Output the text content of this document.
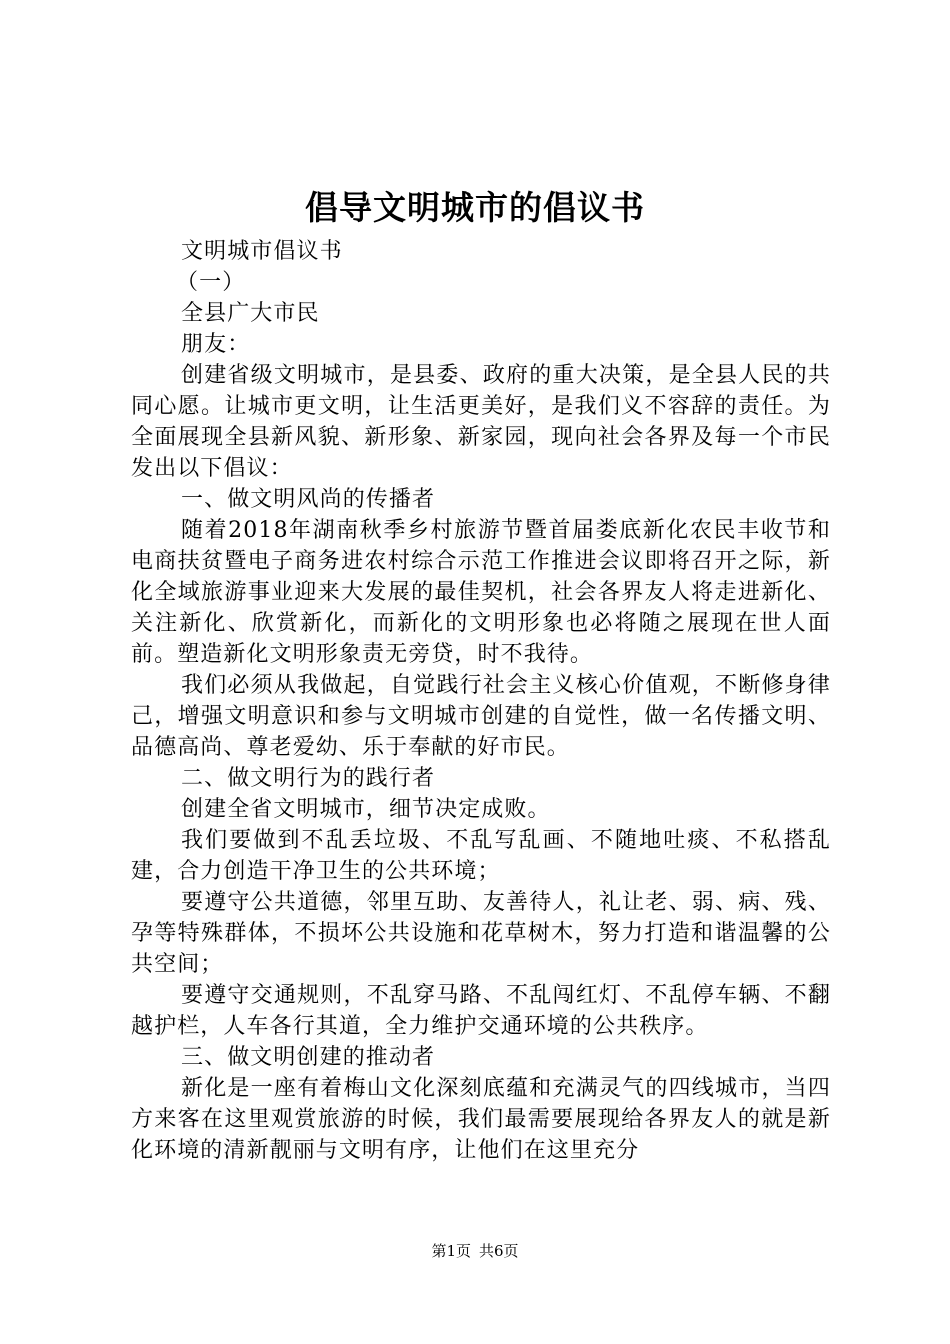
倡导文明城市的倡议书

文明城市倡议书

（一）

全县广大市民

朋友：

创建省级文明城市，是县委、政府的重大决策，是全县人民的共同心愿。让城市更文明，让生活更美好，是我们义不容辞的责任。为全面展现全县新风貌、新形象、新家园，现向社会各界及每一个市民发出以下倡议：

一、做文明风尚的传播者

随着2018年湖南秋季乡村旅游节暨首届娄底新化农民丰收节和电商扶贫暨电子商务进农村综合示范工作推进会议即将召开之际，新化全域旅游事业迎来大发展的最佳契机，社会各界友人将走进新化、关注新化、欣赏新化，而新化的文明形象也必将随之展现在世人面前。塑造新化文明形象责无旁贷，时不我待。

我们必须从我做起，自觉践行社会主义核心价值观，不断修身律己，增强文明意识和参与文明城市创建的自觉性，做一名传播文明、品德高尚、尊老爱幼、乐于奉献的好市民。

二、做文明行为的践行者

创建全省文明城市，细节决定成败。

我们要做到不乱丢垃圾、不乱写乱画、不随地吐痰、不私搭乱建，合力创造干净卫生的公共环境；

要遵守公共道德，邻里互助、友善待人，礼让老、弱、病、残、孕等特殊群体，不损坏公共设施和花草树木，努力打造和谐温馨的公共空间；

要遵守交通规则，不乱穿马路、不乱闯红灯、不乱停车辆、不翻越护栏，人车各行其道，全力维护交通环境的公共秩序。

三、做文明创建的推动者

新化是一座有着梅山文化深刻底蕴和充满灵气的四线城市，当四方来客在这里观赏旅游的时候，我们最需要展现给各界友人的就是新化环境的清新靓丽与文明有序，让他们在这里充分

第1页 共6页
